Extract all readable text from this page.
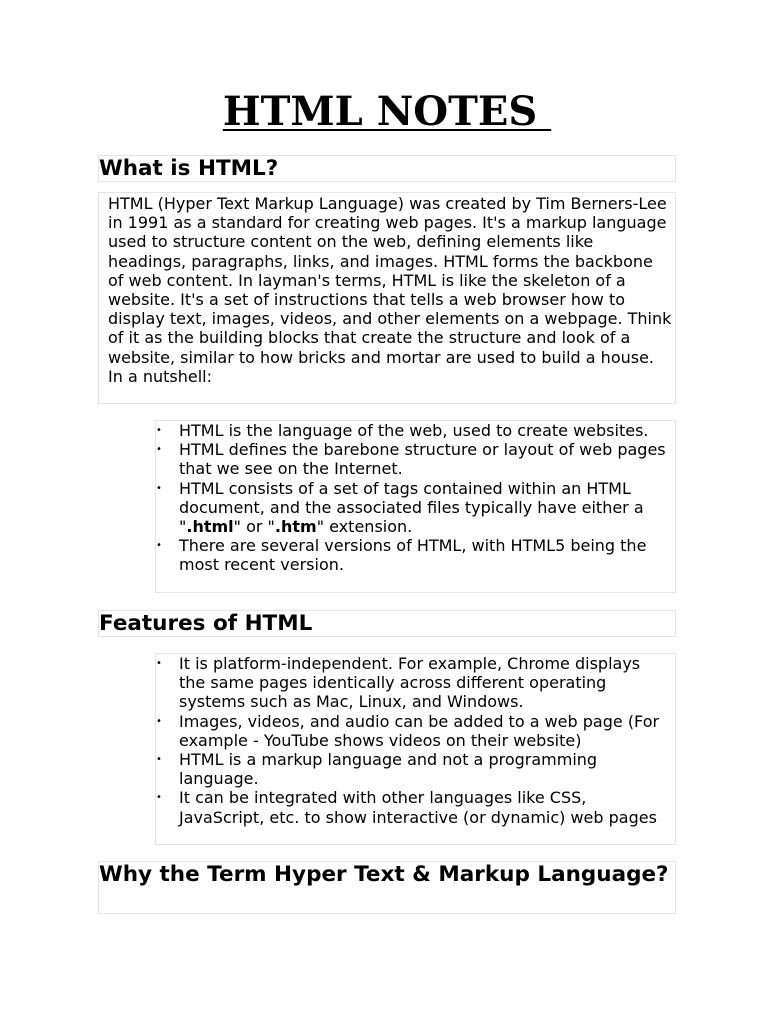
HTML NOTES
What is HTML?

HTML (Hyper Text Markup Language) was created by Tim Berners-Lee in 1991 as a standard for creating web pages. It's a markup language used to structure content on the web, defining elements like headings, paragraphs, links, and images. HTML forms the backbone of web content. In layman's terms, HTML is like the skeleton of a website. It's a set of instructions that tells a web browser how to display text, images, videos, and other elements on a webpage. Think of it as the building blocks that create the structure and look of a website, similar to how bricks and mortar are used to build a house.

In a nutshell:

• HTML is the language of the web, used to create websites.
• HTML defines the barebone structure or layout of web pages that we see on the Internet.
• HTML consists of a set of tags contained within an HTML document, and the associated files typically have either a ".html" or ".htm" extension.
• There are several versions of HTML, with HTML5 being the most recent version.
Features of HTML
• It is platform-independent. For example, Chrome displays the same pages identically across different operating systems such as Mac, Linux, and Windows.
• Images, videos, and audio can be added to a web page (For example - YouTube shows videos on their website)
• HTML is a markup language and not a programming language.
• It can be integrated with other languages like CSS, JavaScript, etc. to show interactive (or dynamic) web pages
Why the Term Hyper Text & Markup Language?
